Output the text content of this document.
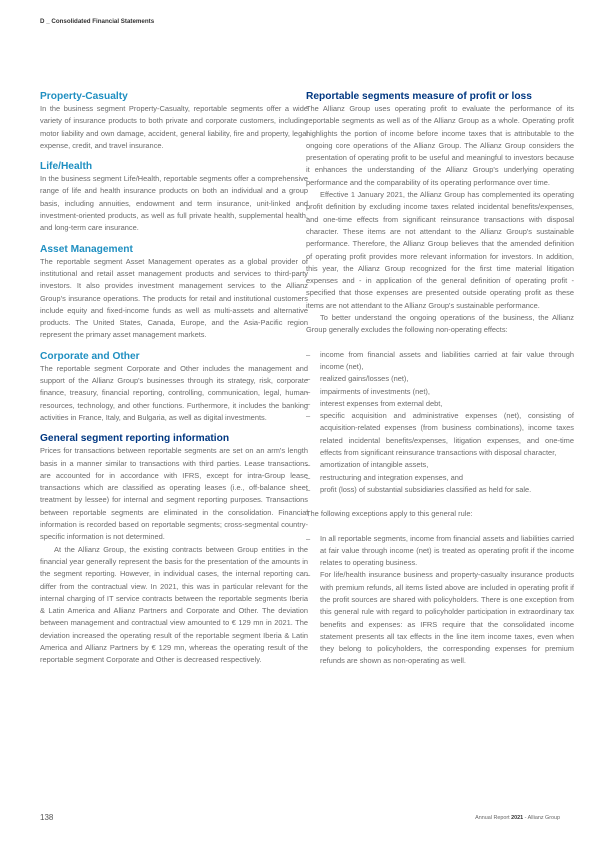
D _ Consolidated Financial Statements
Property-Casualty

In the business segment Property-Casualty, reportable segments offer a wide variety of insurance products to both private and corporate customers, including motor liability and own damage, accident, general liability, fire and property, legal expense, credit, and travel insurance.

Life/Health

In the business segment Life/Health, reportable segments offer a comprehensive range of life and health insurance products on both an individual and a group basis, including annuities, endowment and term insurance, unit-linked and investment-oriented products, as well as full private health, supplemental health, and long-term care insurance.

Asset Management

The reportable segment Asset Management operates as a global provider of institutional and retail asset management products and services to third-party investors. It also provides investment management services to the Allianz Group's insurance operations. The products for retail and institutional customers include equity and fixed-income funds as well as multi-assets and alternative products. The United States, Canada, Europe, and the Asia-Pacific region represent the primary asset management markets.

Corporate and Other

The reportable segment Corporate and Other includes the management and support of the Allianz Group's businesses through its strategy, risk, corporate finance, treasury, financial reporting, controlling, communication, legal, human resources, technology, and other functions. Furthermore, it includes the banking activities in France, Italy, and Bulgaria, as well as digital investments.

General segment reporting information

Prices for transactions between reportable segments are set on an arm's length basis in a manner similar to transactions with third parties. Lease transactions are accounted for in accordance with IFRS, except for intra-Group lease transactions which are classified as operating leases (i.e., off-balance sheet treatment by lessee) for internal and segment reporting purposes. Transactions between reportable segments are eliminated in the consolidation. Financial information is recorded based on reportable segments; cross-segmental country-specific information is not determined.

At the Allianz Group, the existing contracts between Group entities in the financial year generally represent the basis for the presentation of the amounts in the segment reporting. However, in individual cases, the internal reporting can differ from the contractual view. In 2021, this was in particular relevant for the internal charging of IT service contracts between the reportable segments Iberia & Latin America and Allianz Partners and Corporate and Other. The deviation between management and contractual view amounted to € 129 mn in 2021. The deviation increased the operating result of the reportable segment Iberia & Latin America and Allianz Partners by € 129 mn, whereas the operating result of the reportable segment Corporate and Other is decreased respectively.

Reportable segments measure of profit or loss

The Allianz Group uses operating profit to evaluate the performance of its reportable segments as well as of the Allianz Group as a whole. Operating profit highlights the portion of income before income taxes that is attributable to the ongoing core operations of the Allianz Group. The Allianz Group considers the presentation of operating profit to be useful and meaningful to investors because it enhances the understanding of the Allianz Group's underlying operating performance and the comparability of its operating performance over time.

Effective 1 January 2021, the Allianz Group has complemented its operating profit definition by excluding income taxes related incidental benefits/expenses, and one-time effects from significant reinsurance transactions with disposal character. These items are not attendant to the Allianz Group's sustainable performance. Therefore, the Allianz Group believes that the amended definition of operating profit provides more relevant information for investors. In addition, this year, the Allianz Group recognized for the first time material litigation expenses and - in application of the general definition of operating profit - specified that those expenses are presented outside operating profit as these items are not attendant to the Allianz Group's sustainable performance.

To better understand the ongoing operations of the business, the Allianz Group generally excludes the following non-operating effects:

– income from financial assets and liabilities carried at fair value through income (net),
– realized gains/losses (net),
– impairments of investments (net),
– interest expenses from external debt,
– specific acquisition and administrative expenses (net), consisting of acquisition-related expenses (from business combinations), income taxes related incidental benefits/expenses, litigation expenses, and one-time effects from significant reinsurance transactions with disposal character,
– amortization of intangible assets,
– restructuring and integration expenses, and
– profit (loss) of substantial subsidiaries classified as held for sale.

The following exceptions apply to this general rule:

– In all reportable segments, income from financial assets and liabilities carried at fair value through income (net) is treated as operating profit if the income relates to operating business.
– For life/health insurance business and property-casualty insurance products with premium refunds, all items listed above are included in operating profit if the profit sources are shared with policyholders. There is one exception from this general rule with regard to policyholder participation in extraordinary tax benefits and expenses: as IFRS require that the consolidated income statement presents all tax effects in the line item income taxes, even when they belong to policyholders, the corresponding expenses for premium refunds are shown as non-operating as well.
138	Annual Report 2021 - Allianz Group
